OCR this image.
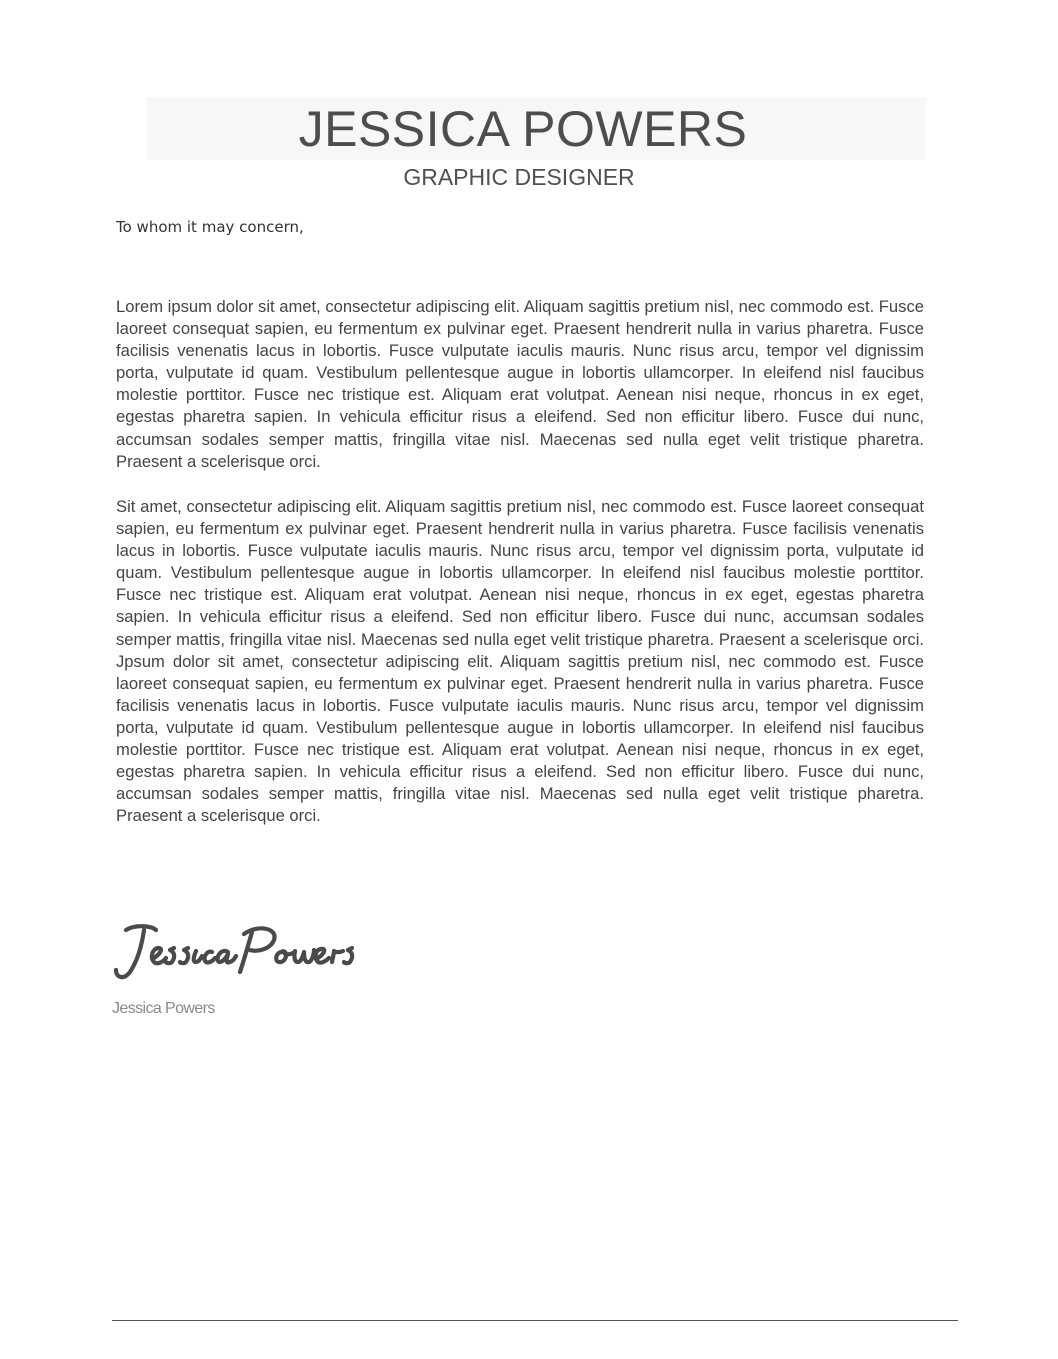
JESSICA POWERS
GRAPHIC DESIGNER
To whom it may concern,

Lorem ipsum dolor sit amet, consectetur adipiscing elit. Aliquam sagittis pretium nisl, nec commodo est. Fusce laoreet consequat sapien, eu fermentum ex pulvinar eget. Praesent hendrerit nulla in varius pharetra. Fusce facilisis venenatis lacus in lobortis. Fusce vulputate iaculis mauris. Nunc risus arcu, tempor vel dignissim porta, vulputate id quam. Vestibulum pellentesque augue in lobortis ullamcorper. In eleifend nisl faucibus molestie porttitor. Fusce nec tristique est. Aliquam erat volutpat. Aenean nisi neque, rhoncus in ex eget, egestas pharetra sapien. In vehicula efficitur risus a eleifend. Sed non efficitur libero. Fusce dui nunc, accumsan sodales semper mattis, fringilla vitae nisl. Maecenas sed nulla eget velit tristique pharetra. Praesent a scelerisque orci.

Sit amet, consectetur adipiscing elit. Aliquam sagittis pretium nisl, nec commodo est. Fusce laoreet consequat sapien, eu fermentum ex pulvinar eget. Praesent hendrerit nulla in varius pharetra. Fusce facilisis venenatis lacus in lobortis. Fusce vulputate iaculis mauris. Nunc risus arcu, tempor vel dignissim porta, vulputate id quam. Vestibulum pellentesque augue in lobortis ullamcorper. In eleifend nisl faucibus molestie porttitor. Fusce nec tristique est. Aliquam erat volutpat. Aenean nisi neque, rhoncus in ex eget, egestas pharetra sapien. In vehicula efficitur risus a eleifend. Sed non efficitur libero. Fusce dui nunc, accumsan sodales semper mattis, fringilla vitae nisl. Maecenas sed nulla eget velit tristique pharetra. Praesent a scelerisque orci. Jpsum dolor sit amet, consectetur adipiscing elit. Aliquam sagittis pretium nisl, nec commodo est. Fusce laoreet consequat sapien, eu fermentum ex pulvinar eget. Praesent hendrerit nulla in varius pharetra. Fusce facilisis venenatis lacus in lobortis. Fusce vulputate iaculis mauris. Nunc risus arcu, tempor vel dignissim porta, vulputate id quam. Vestibulum pellentesque augue in lobortis ullamcorper. In eleifend nisl faucibus molestie porttitor. Fusce nec tristique est. Aliquam erat volutpat. Aenean nisi neque, rhoncus in ex eget, egestas pharetra sapien. In vehicula efficitur risus a eleifend. Sed non efficitur libero. Fusce dui nunc, accumsan sodales semper mattis, fringilla vitae nisl. Maecenas sed nulla eget velit tristique pharetra. Praesent a scelerisque orci.

Jessica Powers
